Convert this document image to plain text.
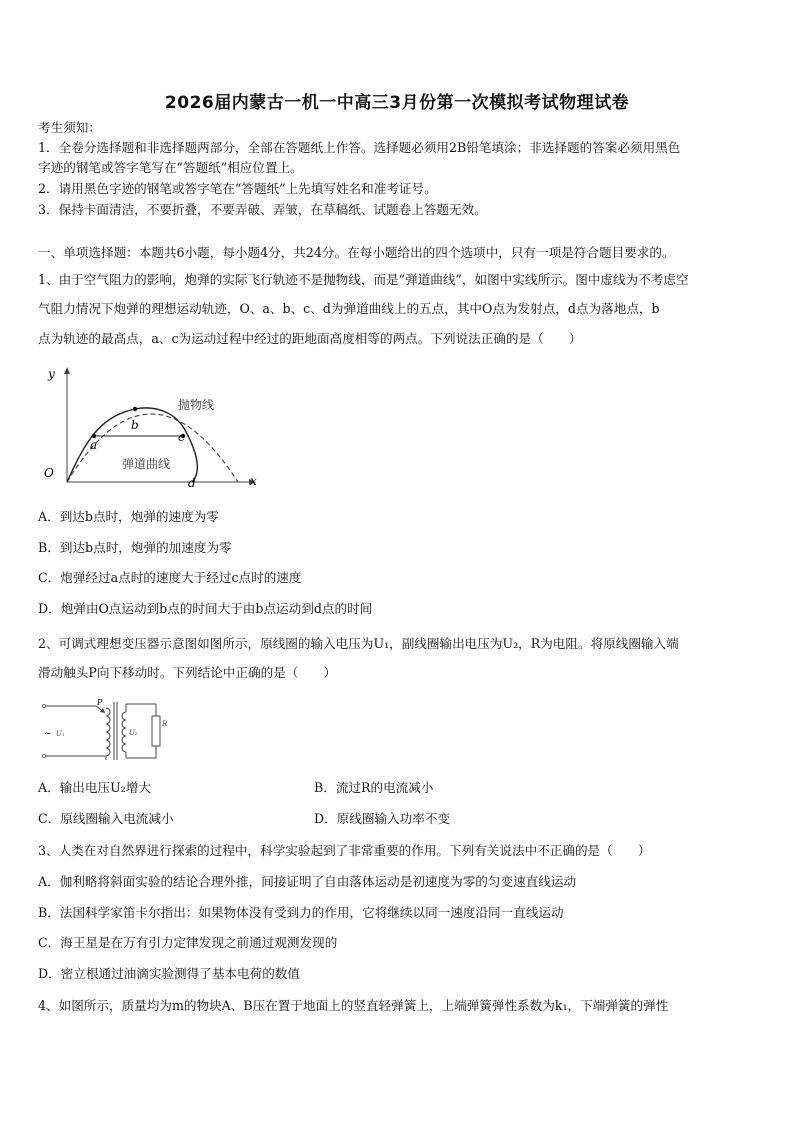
2026届内蒙古一机一中高三3月份第一次模拟考试物理试卷
考生须知：
1．全卷分选择题和非选择题两部分，全部在答题纸上作答。选择题必须用2B铅笔填涂；非选择题的答案必须用黑色
字迹的钢笔或答字笔写在“答题纸”相应位置上。
2．请用黑色字迹的钢笔或答字笔在“答题纸”上先填写姓名和准考证号。
3．保持卡面清洁，不要折叠，不要弄破、弄皱，在草稿纸、试题卷上答题无效。
一、单项选择题：本题共6小题，每小题4分，共24分。在每小题给出的四个选项中，只有一项是符合题目要求的。
1、由于空气阻力的影响，炮弹的实际飞行轨迹不是抛物线，而是“弹道曲线”，如图中实线所示。图中虚线为不考虑空
气阻力情况下炮弹的理想运动轨迹，O、a、b、c、d为弹道曲线上的五点，其中O点为发射点，d点为落地点，b
点为轨迹的最高点，a、c为运动过程中经过的距地面高度相等的两点。下列说法正确的是（　　）
y
x
O
a
b
c
d
抛物线
弹道曲线
A．到达b点时，炮弹的速度为零
B．到达b点时，炮弹的加速度为零
C．炮弹经过a点时的速度大于经过c点时的速度
D．炮弹由O点运动到b点的时间大于由b点运动到d点的时间
2、可调式理想变压器示意图如图所示，原线圈的输入电压为U₁，副线圈输出电压为U₂，R为电阻。将原线圈输入端
滑动触头P向下移动时。下列结论中正确的是（　　）
P
~ U₁	U₂
R
A．输出电压U₂增大	B．流过R的电流减小
C．原线圈输入电流减小	D．原线圈输入功率不变
3、人类在对自然界进行探索的过程中，科学实验起到了非常重要的作用。下列有关说法中不正确的是（　　）
A．伽利略将斜面实验的结论合理外推，间接证明了自由落体运动是初速度为零的匀变速直线运动
B．法国科学家笛卡尔指出：如果物体没有受到力的作用，它将继续以同一速度沿同一直线运动
C．海王星是在万有引力定律发现之前通过观测发现的
D．密立根通过油滴实验测得了基本电荷的数值
4、如图所示，质量均为m的物块A、B压在置于地面上的竖直轻弹簧上，上端弹簧弹性系数为k₁，下端弹簧的弹性
